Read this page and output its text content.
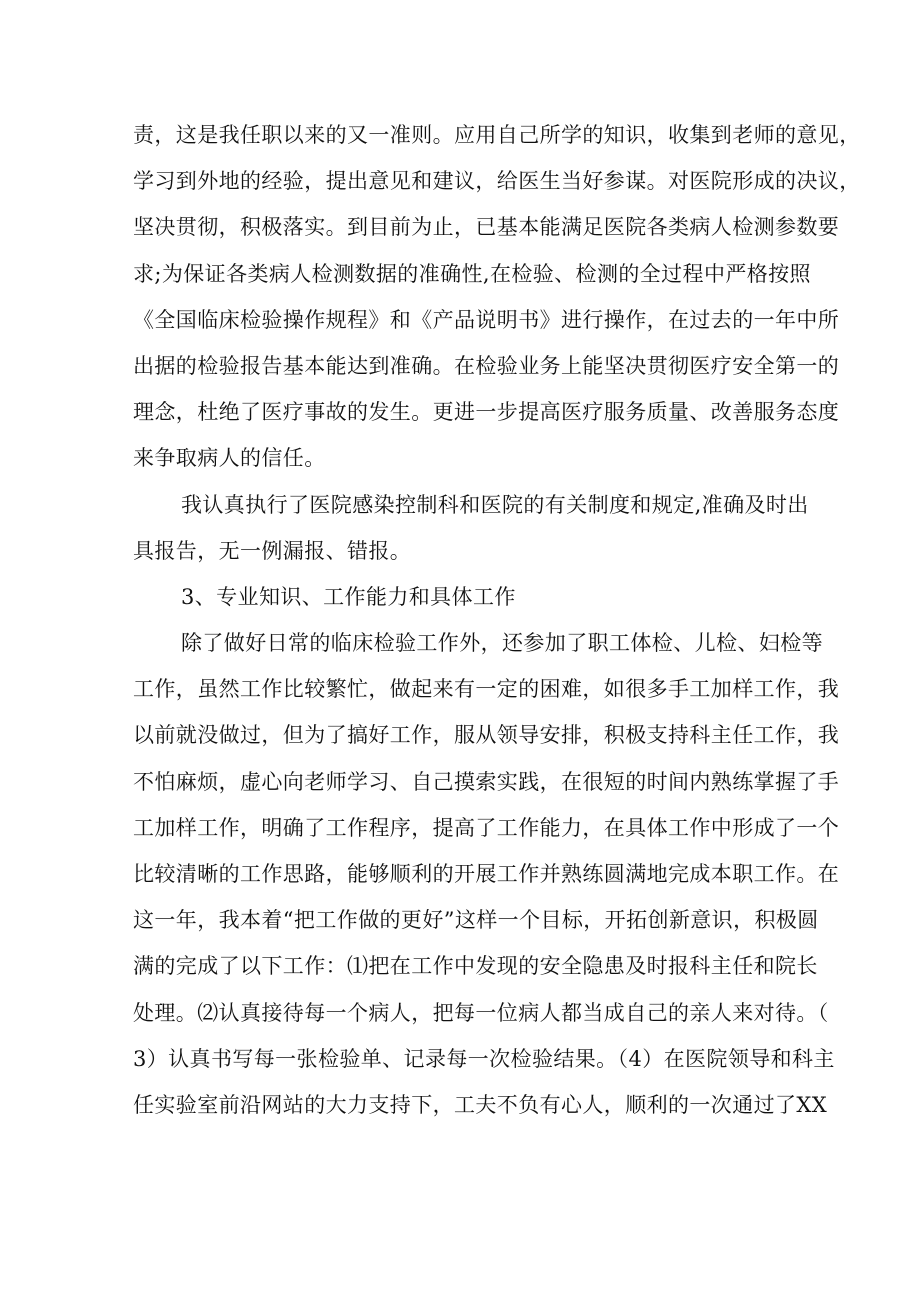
责，这是我任职以来的又一准则。应用自己所学的知识，收集到老师的意见，
学习到外地的经验，提出意见和建议，给医生当好参谋。对医院形成的决议，
坚决贯彻，积极落实。到目前为止，已基本能满足医院各类病人检测参数要
求;为保证各类病人检测数据的准确性,在检验、检测的全过程中严格按照
《全国临床检验操作规程》和《产品说明书》进行操作，在过去的一年中所
出据的检验报告基本能达到准确。在检验业务上能坚决贯彻医疗安全第一的
理念，杜绝了医疗事故的发生。更进一步提高医疗服务质量、改善服务态度
来争取病人的信任。
我认真执行了医院感染控制科和医院的有关制度和规定,准确及时出
具报告，无一例漏报、错报。
3、专业知识、工作能力和具体工作
除了做好日常的临床检验工作外，还参加了职工体检、儿检、妇检等
工作，虽然工作比较繁忙，做起来有一定的困难，如很多手工加样工作，我
以前就没做过，但为了搞好工作，服从领导安排，积极支持科主任工作，我
不怕麻烦，虚心向老师学习、自己摸索实践，在很短的时间内熟练掌握了手
工加样工作，明确了工作程序，提高了工作能力，在具体工作中形成了一个
比较清晰的工作思路，能够顺利的开展工作并熟练圆满地完成本职工作。在
这一年，我本着“把工作做的更好”这样一个目标，开拓创新意识，积极圆
满的完成了以下工作：⑴把在工作中发现的安全隐患及时报科主任和院长
处理。⑵认真接待每一个病人，把每一位病人都当成自己的亲人来对待。（
3）认真书写每一张检验单、记录每一次检验结果。（4）在医院领导和科主
任实验室前沿网站的大力支持下，工夫不负有心人，顺利的一次通过了XX
